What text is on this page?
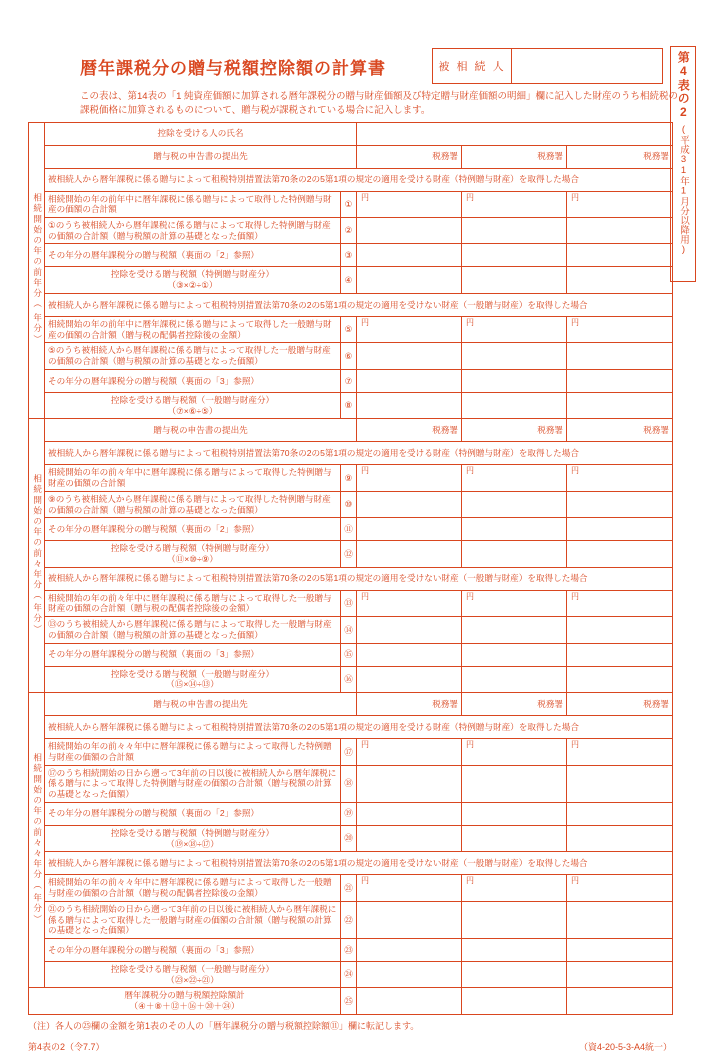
暦年課税分の贈与税額控除額の計算書	被 相 続 人	第4表の2
(平成31年1月分以降用)
この表は、第14表の「1 純資産価額に加算される暦年課税分の贈与財産価額及び特定贈与財産価額の明細」欄に記入した財産のうち相続税の課税価格に加算されるものについて、贈与税が課税されている場合に記入します。
相続開始の年の前年分（
年分）	控除を受ける人の氏名				
	贈与税の申告書の提出先		税務署	税務署	税務署
	被相続人から暦年課税に係る贈与によって租税特別措置法第70条の2の5第1項の規定の適用を受ける財産（特例贈与財産）を取得した場合				
	相続開始の年の前年中に暦年課税に係る贈与によって取得した特例贈与財産の価額の合計額	①	円	円	円

	①のうち被相続人から暦年課税に係る贈与によって取得した特例贈与財産の価額の合計額（贈与税額の計算の基礎となった価額）	②			
	その年分の暦年課税分の贈与税額（裏面の「2」参照）	③			
	控除を受ける贈与税額（特例贈与財産分）
（③×②÷①）	④			
	被相続人から暦年課税に係る贈与によって租税特別措置法第70条の2の5第1項の規定の適用を受けない財産（一般贈与財産）を取得した場合				
	相続開始の年の前年中に暦年課税に係る贈与によって取得した一般贈与財産の価額の合計額（贈与税の配偶者控除後の金額）	⑤	円	円	円

	⑤のうち被相続人から暦年課税に係る贈与によって取得した一般贈与財産の価額の合計額（贈与税額の計算の基礎となった価額）	⑥			
	その年分の暦年課税分の贈与税額（裏面の「3」参照）	⑦			
	控除を受ける贈与税額（一般贈与財産分）
（⑦×⑥÷⑤）	⑧			
相続開始の年の前々年分（
年分）	贈与税の申告書の提出先		税務署	税務署	税務署
	被相続人から暦年課税に係る贈与によって租税特別措置法第70条の2の5第1項の規定の適用を受ける財産（特例贈与財産）を取得した場合				
	相続開始の年の前々年中に暦年課税に係る贈与によって取得した特例贈与財産の価額の合計額	⑨	円	円	円

	⑨のうち被相続人から暦年課税に係る贈与によって取得した特例贈与財産の価額の合計額（贈与税額の計算の基礎となった価額）	⑩			
	その年分の暦年課税分の贈与税額（裏面の「2」参照）	⑪			
	控除を受ける贈与税額（特例贈与財産分）
（⑪×⑩÷⑨）	⑫			
	被相続人から暦年課税に係る贈与によって租税特別措置法第70条の2の5第1項の規定の適用を受けない財産（一般贈与財産）を取得した場合				
	相続開始の年の前々年中に暦年課税に係る贈与によって取得した一般贈与財産の価額の合計額（贈与税の配偶者控除後の金額）	⑬	円	円	円

	⑬のうち被相続人から暦年課税に係る贈与によって取得した一般贈与財産の価額の合計額（贈与税額の計算の基礎となった価額）	⑭			
	その年分の暦年課税分の贈与税額（裏面の「3」参照）	⑮			
	控除を受ける贈与税額（一般贈与財産分）
（⑮×⑭÷⑬）	⑯			
相続開始の年の前々々年分（
年分）	贈与税の申告書の提出先		税務署	税務署	税務署
	被相続人から暦年課税に係る贈与によって租税特別措置法第70条の2の5第1項の規定の適用を受ける財産（特例贈与財産）を取得した場合				
	相続開始の年の前々々年中に暦年課税に係る贈与によって取得した特例贈与財産の価額の合計額	⑰	円	円	円

	⑰のうち相続開始の日から遡って3年前の日以後に被相続人から暦年課税に係る贈与によって取得した特例贈与財産の価額の合計額（贈与税額の計算の基礎となった価額）	⑱			
	その年分の暦年課税分の贈与税額（裏面の「2」参照）	⑲			
	控除を受ける贈与税額（特例贈与財産分）
（⑲×⑱÷⑰）	⑳			
	被相続人から暦年課税に係る贈与によって租税特別措置法第70条の2の5第1項の規定の適用を受けない財産（一般贈与財産）を取得した場合				
	相続開始の年の前々々年中に暦年課税に係る贈与によって取得した一般贈与財産の価額の合計額（贈与税の配偶者控除後の金額）	㉑	円	円	円

	㉑のうち相続開始の日から遡って3年前の日以後に被相続人から暦年課税に係る贈与によって取得した一般贈与財産の価額の合計額（贈与税額の計算の基礎となった価額）	㉒			
	その年分の暦年課税分の贈与税額（裏面の「3」参照）	㉓			
	控除を受ける贈与税額（一般贈与財産分）
（㉓×㉒÷㉑）	㉔			
暦年課税分の贈与税額控除額計
（④＋⑧＋⑫＋⑯＋⑳＋㉔）		㉕			
（注）各人の㉕欄の金額を第1表のその人の「暦年課税分の贈与税額控除額⑪」欄に転記します。
第4表の2（令7.7）	（資4-20-5-3-A4統一）
